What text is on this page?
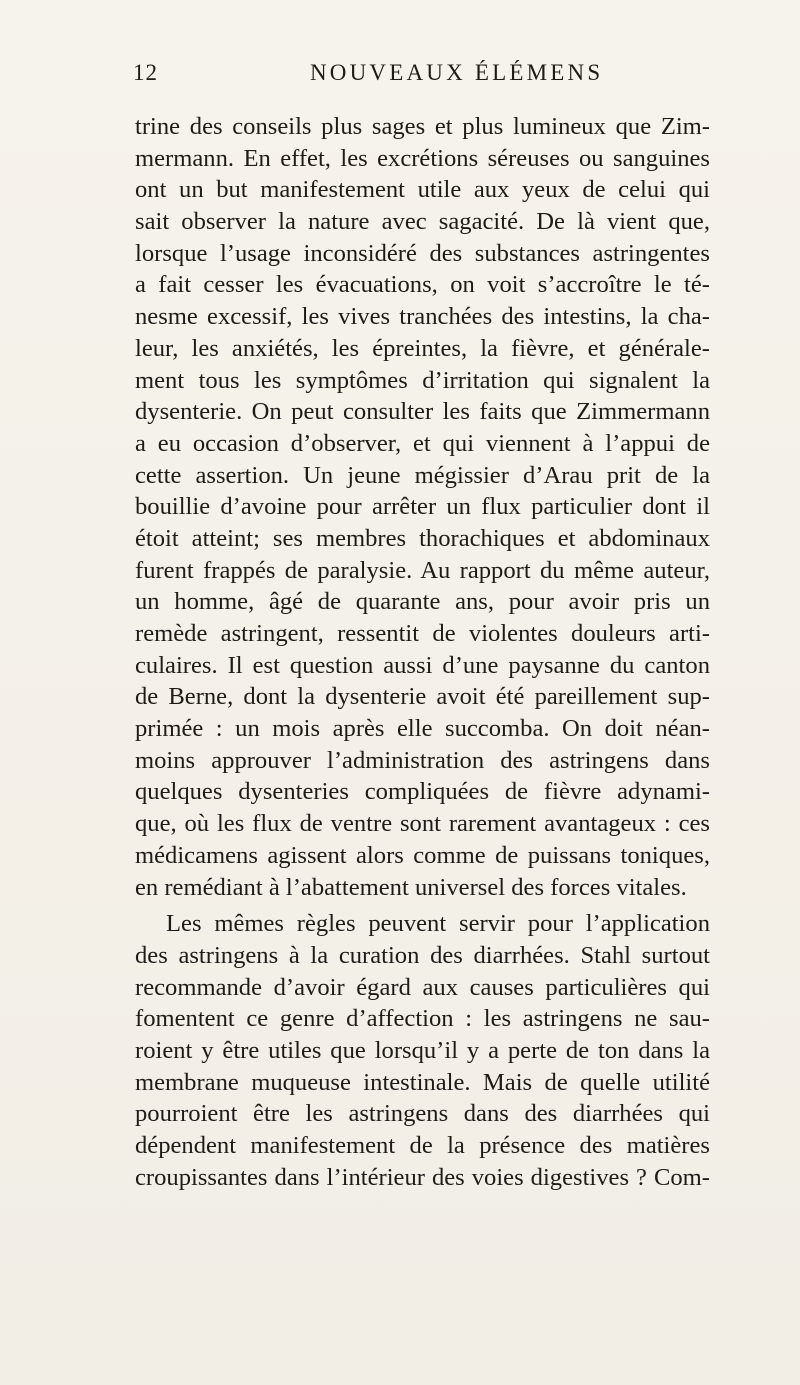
12	NOUVEAUX ÉLÉMENS
trine des conseils plus sages et plus lumineux que Zim-
mermann. En effet, les excrétions séreuses ou sanguines
ont un but manifestement utile aux yeux de celui qui
sait observer la nature avec sagacité. De là vient que,
lorsque l’usage inconsidéré des substances astringentes
a fait cesser les évacuations, on voit s’accroître le té-
nesme excessif, les vives tranchées des intestins, la cha-
leur, les anxiétés, les épreintes, la fièvre, et générale-
ment tous les symptômes d’irritation qui signalent la
dysenterie. On peut consulter les faits que Zimmermann
a eu occasion d’observer, et qui viennent à l’appui de
cette assertion. Un jeune mégissier d’Arau prit de la
bouillie d’avoine pour arrêter un flux particulier dont il
étoit atteint; ses membres thorachiques et abdominaux
furent frappés de paralysie. Au rapport du même auteur,
un homme, âgé de quarante ans, pour avoir pris un
remède astringent, ressentit de violentes douleurs arti-
culaires. Il est question aussi d’une paysanne du canton
de Berne, dont la dysenterie avoit été pareillement sup-
primée : un mois après elle succomba. On doit néan-
moins approuver l’administration des astringens dans
quelques dysenteries compliquées de fièvre adynami-
que, où les flux de ventre sont rarement avantageux : ces
médicamens agissent alors comme de puissans toniques,
en remédiant à l’abattement universel des forces vitales.
Les mêmes règles peuvent servir pour l’application
des astringens à la curation des diarrhées. Stahl surtout
recommande d’avoir égard aux causes particulières qui
fomentent ce genre d’affection : les astringens ne sau-
roient y être utiles que lorsqu’il y a perte de ton dans la
membrane muqueuse intestinale. Mais de quelle utilité
pourroient être les astringens dans des diarrhées qui
dépendent manifestement de la présence des matières
croupissantes dans l’intérieur des voies digestives ? Com-
